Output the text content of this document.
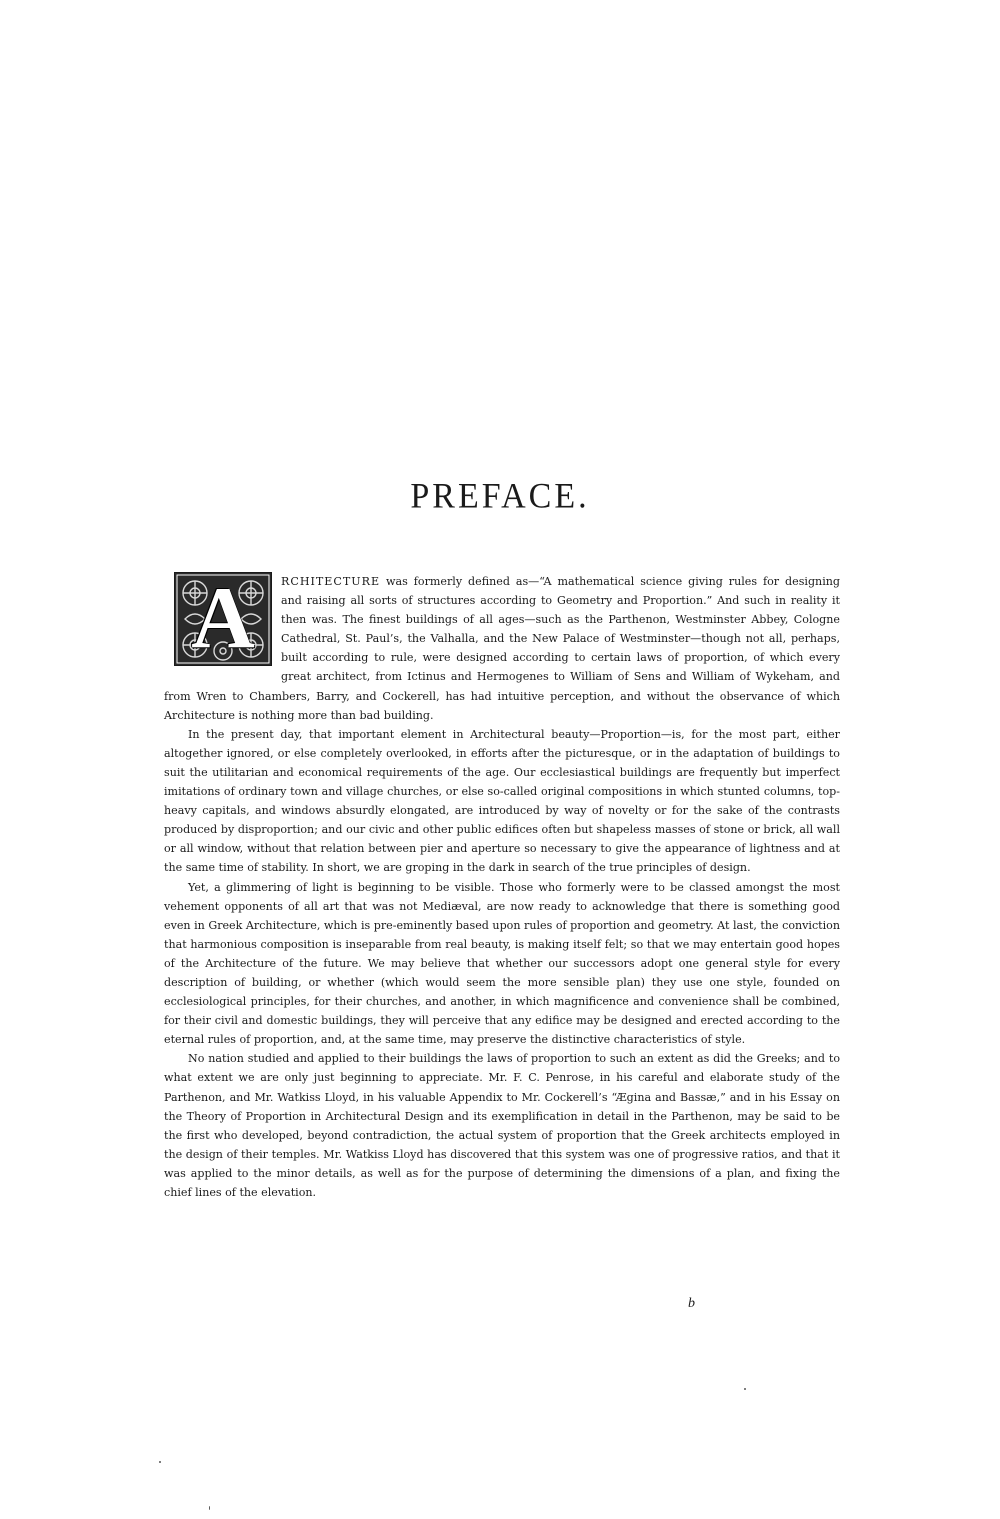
PREFACE.

A	RCHITECTURE was formerly defined as—“A mathematical science giving rules for designing and raising all sorts of structures according to Geometry and Proportion.” And such in reality it then was. The finest buildings of all ages—such as the Parthenon, Westminster Abbey, Cologne Cathedral, St. Paul’s, the Valhalla, and the New Palace of Westminster—though not all, perhaps, built according to rule, were designed according to certain laws of proportion, of which every great architect, from Ictinus and Hermogenes to William of Sens and William of Wykeham, and from Wren to Chambers, Barry, and Cockerell, has had intuitive perception, and without the observance of which Architecture is nothing more than bad building.

In the present day, that important element in Architectural beauty—Proportion—is, for the most part, either altogether ignored, or else completely overlooked, in efforts after the picturesque, or in the adaptation of buildings to suit the utilitarian and economical requirements of the age. Our ecclesiastical buildings are frequently but imperfect imitations of ordinary town and village churches, or else so-called original compositions in which stunted columns, top-heavy capitals, and windows absurdly elongated, are introduced by way of novelty or for the sake of the contrasts produced by disproportion; and our civic and other public edifices often but shapeless masses of stone or brick, all wall or all window, without that relation between pier and aperture so necessary to give the appearance of lightness and at the same time of stability. In short, we are groping in the dark in search of the true principles of design.

Yet, a glimmering of light is beginning to be visible. Those who formerly were to be classed amongst the most vehement opponents of all art that was not Mediæval, are now ready to acknowledge that there is something good even in Greek Architecture, which is pre-eminently based upon rules of proportion and geometry. At last, the conviction that harmonious composition is inseparable from real beauty, is making itself felt; so that we may entertain good hopes of the Architecture of the future. We may believe that whether our successors adopt one general style for every description of building, or whether (which would seem the more sensible plan) they use one style, founded on ecclesiological principles, for their churches, and another, in which magnificence and convenience shall be combined, for their civil and domestic buildings, they will perceive that any edifice may be designed and erected according to the eternal rules of proportion, and, at the same time, may preserve the distinctive characteristics of style.

No nation studied and applied to their buildings the laws of proportion to such an extent as did the Greeks; and to what extent we are only just beginning to appreciate. Mr. F. C. Penrose, in his careful and elaborate study of the Parthenon, and Mr. Watkiss Lloyd, in his valuable Appendix to Mr. Cockerell’s “Ægina and Bassæ,” and in his Essay on the Theory of Proportion in Architectural Design and its exemplification in detail in the Parthenon, may be said to be the first who developed, beyond contradiction, the actual system of proportion that the Greek architects employed in the design of their temples. Mr. Watkiss Lloyd has discovered that this system was one of progressive ratios, and that it was applied to the minor details, as well as for the purpose of determining the dimensions of a plan, and fixing the chief lines of the elevation.

b
